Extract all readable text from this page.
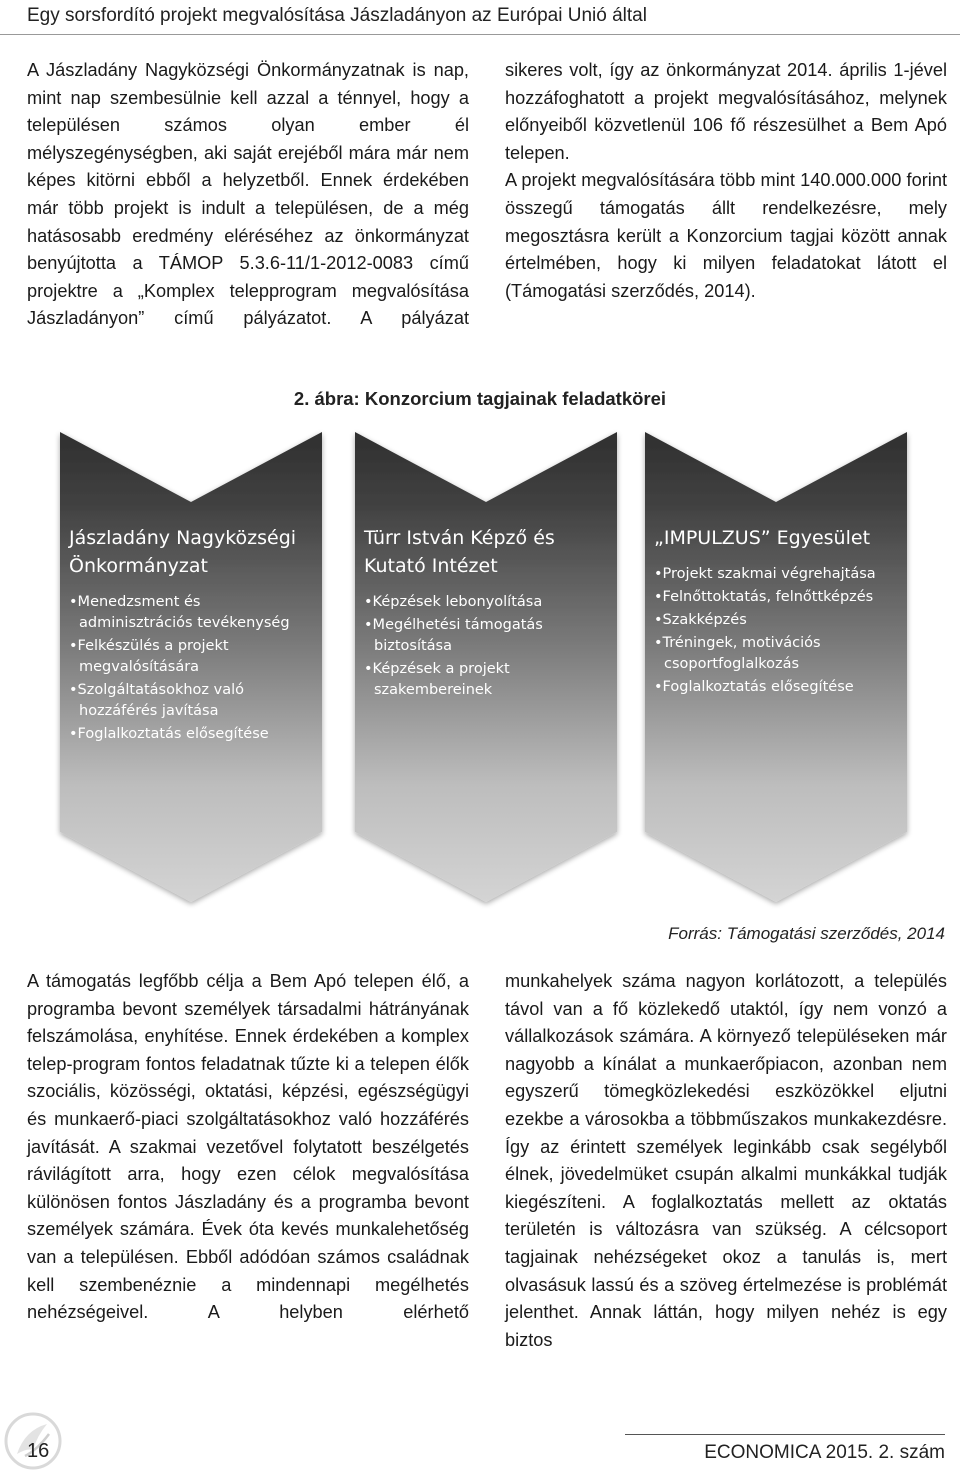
Egy sorsfordító projekt megvalósítása Jászladányon az Európai Unió által

A Jászladány Nagyközségi Önkormányzatnak is nap, mint nap szembesülnie kell azzal a ténnyel, hogy a településen számos olyan ember él mélyszegénységben, aki saját erejéből mára már nem képes kitörni ebből a helyzetből. Ennek érdekében már több projekt is indult a településen, de a még hatásosabb eredmény eléréséhez az önkormányzat benyújtotta a TÁMOP 5.3.6-11/1-2012-0083 című projektre a „Komplex telepprogram megvalósítása Jászladányon” című pályázatot. A pályázat

sikeres volt, így az önkormányzat 2014. április 1-jével hozzáfoghatott a projekt megvalósításához, melynek előnyeiből közvetlenül 106 fő részesülhet a Bem Apó telepen.

A projekt megvalósítására több mint 140.000.000 forint összegű támogatás állt rendelkezésre, mely megosztásra került a Konzorcium tagjai között annak értelmében, hogy ki milyen feladatokat látott el (Támogatási szerződés, 2014).

2. ábra: Konzorcium tagjainak feladatkörei
Jászladány Nagyközségi
Önkormányzat
•Menedzsment és
adminisztrációs tevékenység
•Felkészülés a projekt
megvalósítására
•Szolgáltatásokhoz való
hozzáférés javítása
•Foglalkoztatás elősegítése
Türr István Képző és
Kutató Intézet
•Képzések lebonyolítása
•Megélhetési támogatás
biztosítása
•Képzések a projekt
szakembereinek
„IMPULZUS” Egyesület
•Projekt szakmai végrehajtása
•Felnőttoktatás, felnőttképzés
•Szakképzés
•Tréningek, motivációs
csoportfoglalkozás
•Foglalkoztatás elősegítése
Forrás: Támogatási szerződés, 2014

A támogatás legfőbb célja a Bem Apó telepen élő, a programba bevont személyek társadalmi hátrányának felszámolása, enyhítése. Ennek érdekében a komplex telep-program fontos feladatnak tűzte ki a telepen élők szociális, közösségi, oktatási, képzési, egészségügyi és munkaerő-piaci szolgáltatásokhoz való hozzáférés javítását. A szakmai vezetővel folytatott beszélgetés rávilágított arra, hogy ezen célok megvalósítása különösen fontos Jászladány és a programba bevont személyek számára. Évek óta kevés munkalehetőség van a településen. Ebből adódóan számos családnak kell szembenéznie a mindennapi megélhetés nehézségeivel. A helyben elérhető

munkahelyek száma nagyon korlátozott, a település távol van a fő közlekedő utaktól, így nem vonzó a vállalkozások számára. A környező településeken már nagyobb a kínálat a munkaerőpiacon, azonban nem egyszerű tömegközlekedési eszközökkel eljutni ezekbe a városokba a többműszakos munkakezdésre. Így az érintett személyek leginkább csak segélyből élnek, jövedelmüket csupán alkalmi munkákkal tudják kiegészíteni. A foglalkoztatás mellett az oktatás területén is változásra van szükség. A célcsoport tagjainak nehézségeket okoz a tanulás is, mert olvasásuk lassú és a szöveg értelmezése is problémát jelenthet. Annak láttán, hogy milyen nehéz is egy biztos

16	ECONOMICA 2015. 2. szám
